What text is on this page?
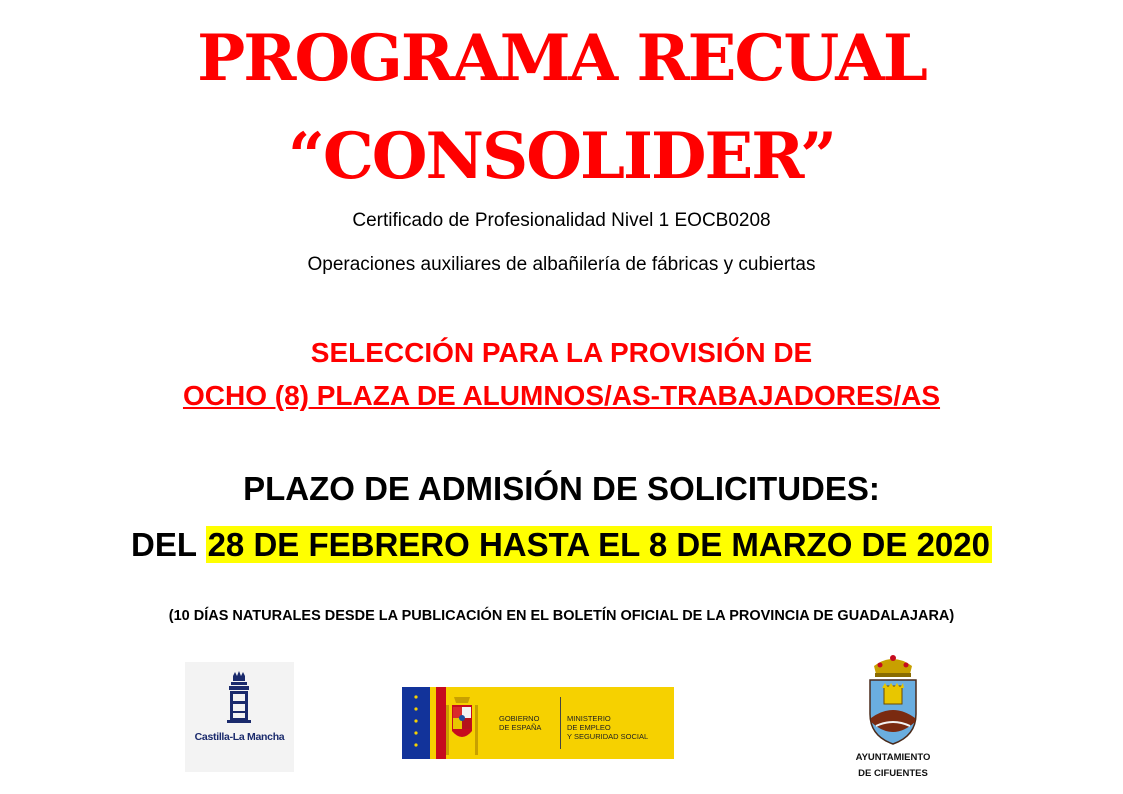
PROGRAMA RECUAL
“CONSOLIDER”
Certificado de Profesionalidad Nivel 1 EOCB0208
Operaciones auxiliares de albañilería de fábricas y cubiertas
SELECCIÓN PARA LA PROVISIÓN DE
OCHO (8) PLAZA DE ALUMNOS/AS-TRABAJADORES/AS
PLAZO DE ADMISIÓN DE SOLICITUDES:
DEL 28 DE FEBRERO HASTA EL 8 DE MARZO DE 2020
(10 DÍAS NATURALES DESDE LA PUBLICACIÓN EN EL BOLETÍN OFICIAL DE LA PROVINCIA DE GUADALAJARA)
Castilla-La Mancha
GOBIERNO
DE ESPAÑA
MINISTERIO
DE EMPLEO
Y SEGURIDAD SOCIAL
AYUNTAMIENTO
DE CIFUENTES
